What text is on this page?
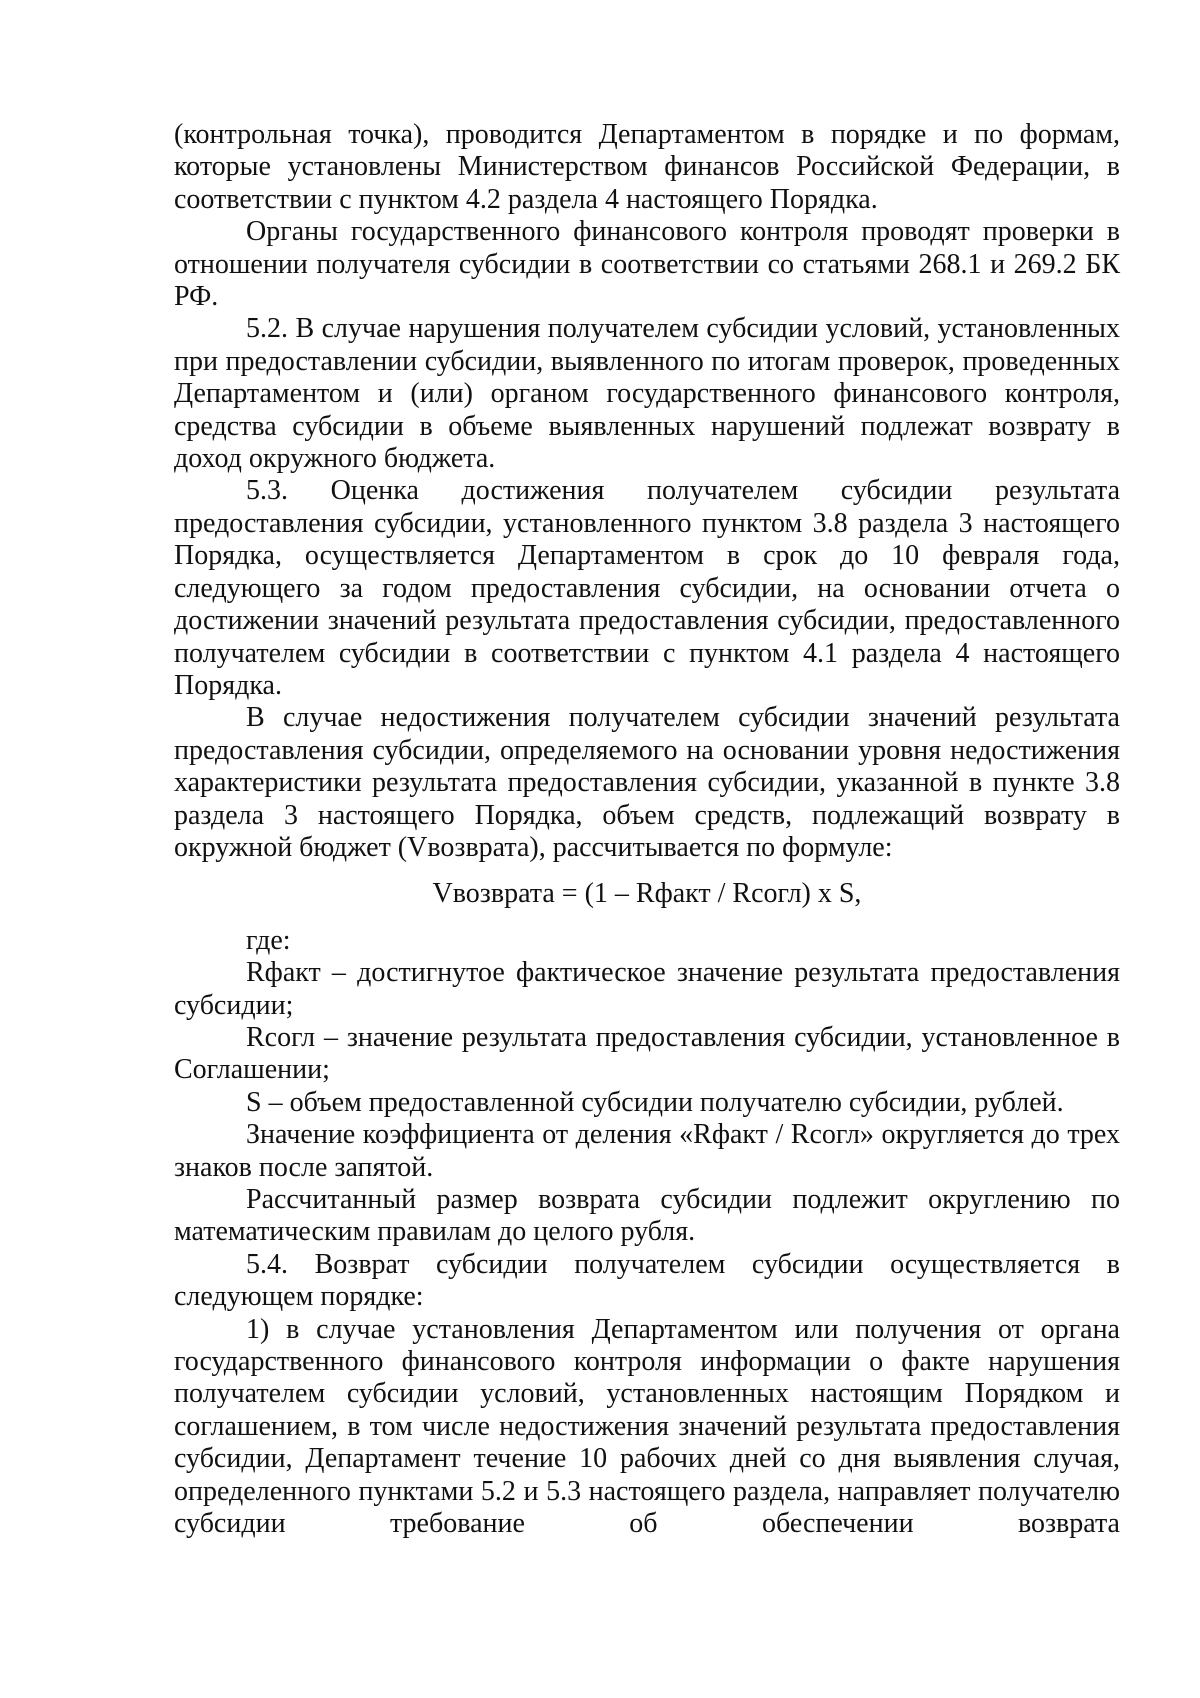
(контрольная точка), проводится Департаментом в порядке и по формам, которые установлены Министерством финансов Российской Федерации, в соответствии с пунктом 4.2 раздела 4 настоящего Порядка.

Органы государственного финансового контроля проводят проверки в отношении получателя субсидии в соответствии со статьями 268.1 и 269.2 БК РФ.

5.2. В случае нарушения получателем субсидии условий, установленных при предоставлении субсидии, выявленного по итогам проверок, проведенных Департаментом и (или) органом государственного финансового контроля, средства субсидии в объеме выявленных нарушений подлежат возврату в доход окружного бюджета.

5.3. Оценка достижения получателем субсидии результата предоставления субсидии, установленного пунктом 3.8 раздела 3 настоящего Порядка, осуществляется Департаментом в срок до 10 февраля года, следующего за годом предоставления субсидии, на основании отчета о достижении значений результата предоставления субсидии, предоставленного получателем субсидии в соответствии с пунктом 4.1 раздела 4 настоящего Порядка.

В случае недостижения получателем субсидии значений результата предоставления субсидии, определяемого на основании уровня недостижения характеристики результата предоставления субсидии, указанной в пункте 3.8 раздела 3 настоящего Порядка, объем средств, подлежащий возврату в окружной бюджет (Vвозврата), рассчитывается по формуле:

Vвозврата = (1 – Rфакт / Rсогл) x S,

где:

Rфакт – достигнутое фактическое значение результата предоставления субсидии;

Rсогл – значение результата предоставления субсидии, установленное в Соглашении;

S – объем предоставленной субсидии получателю субсидии, рублей.

Значение коэффициента от деления «Rфакт / Rсогл» округляется до трех знаков после запятой.

Рассчитанный размер возврата субсидии подлежит округлению по математическим правилам до целого рубля.

5.4. Возврат субсидии получателем субсидии осуществляется в следующем порядке:

1) в случае установления Департаментом или получения от органа государственного финансового контроля информации о факте нарушения получателем субсидии условий, установленных настоящим Порядком и соглашением, в том числе недостижения значений результата предоставления субсидии, Департамент течение 10 рабочих дней со дня выявления случая, определенного пунктами 5.2 и 5.3 настоящего раздела, направляет получателю субсидии требование об обеспечении возврата
